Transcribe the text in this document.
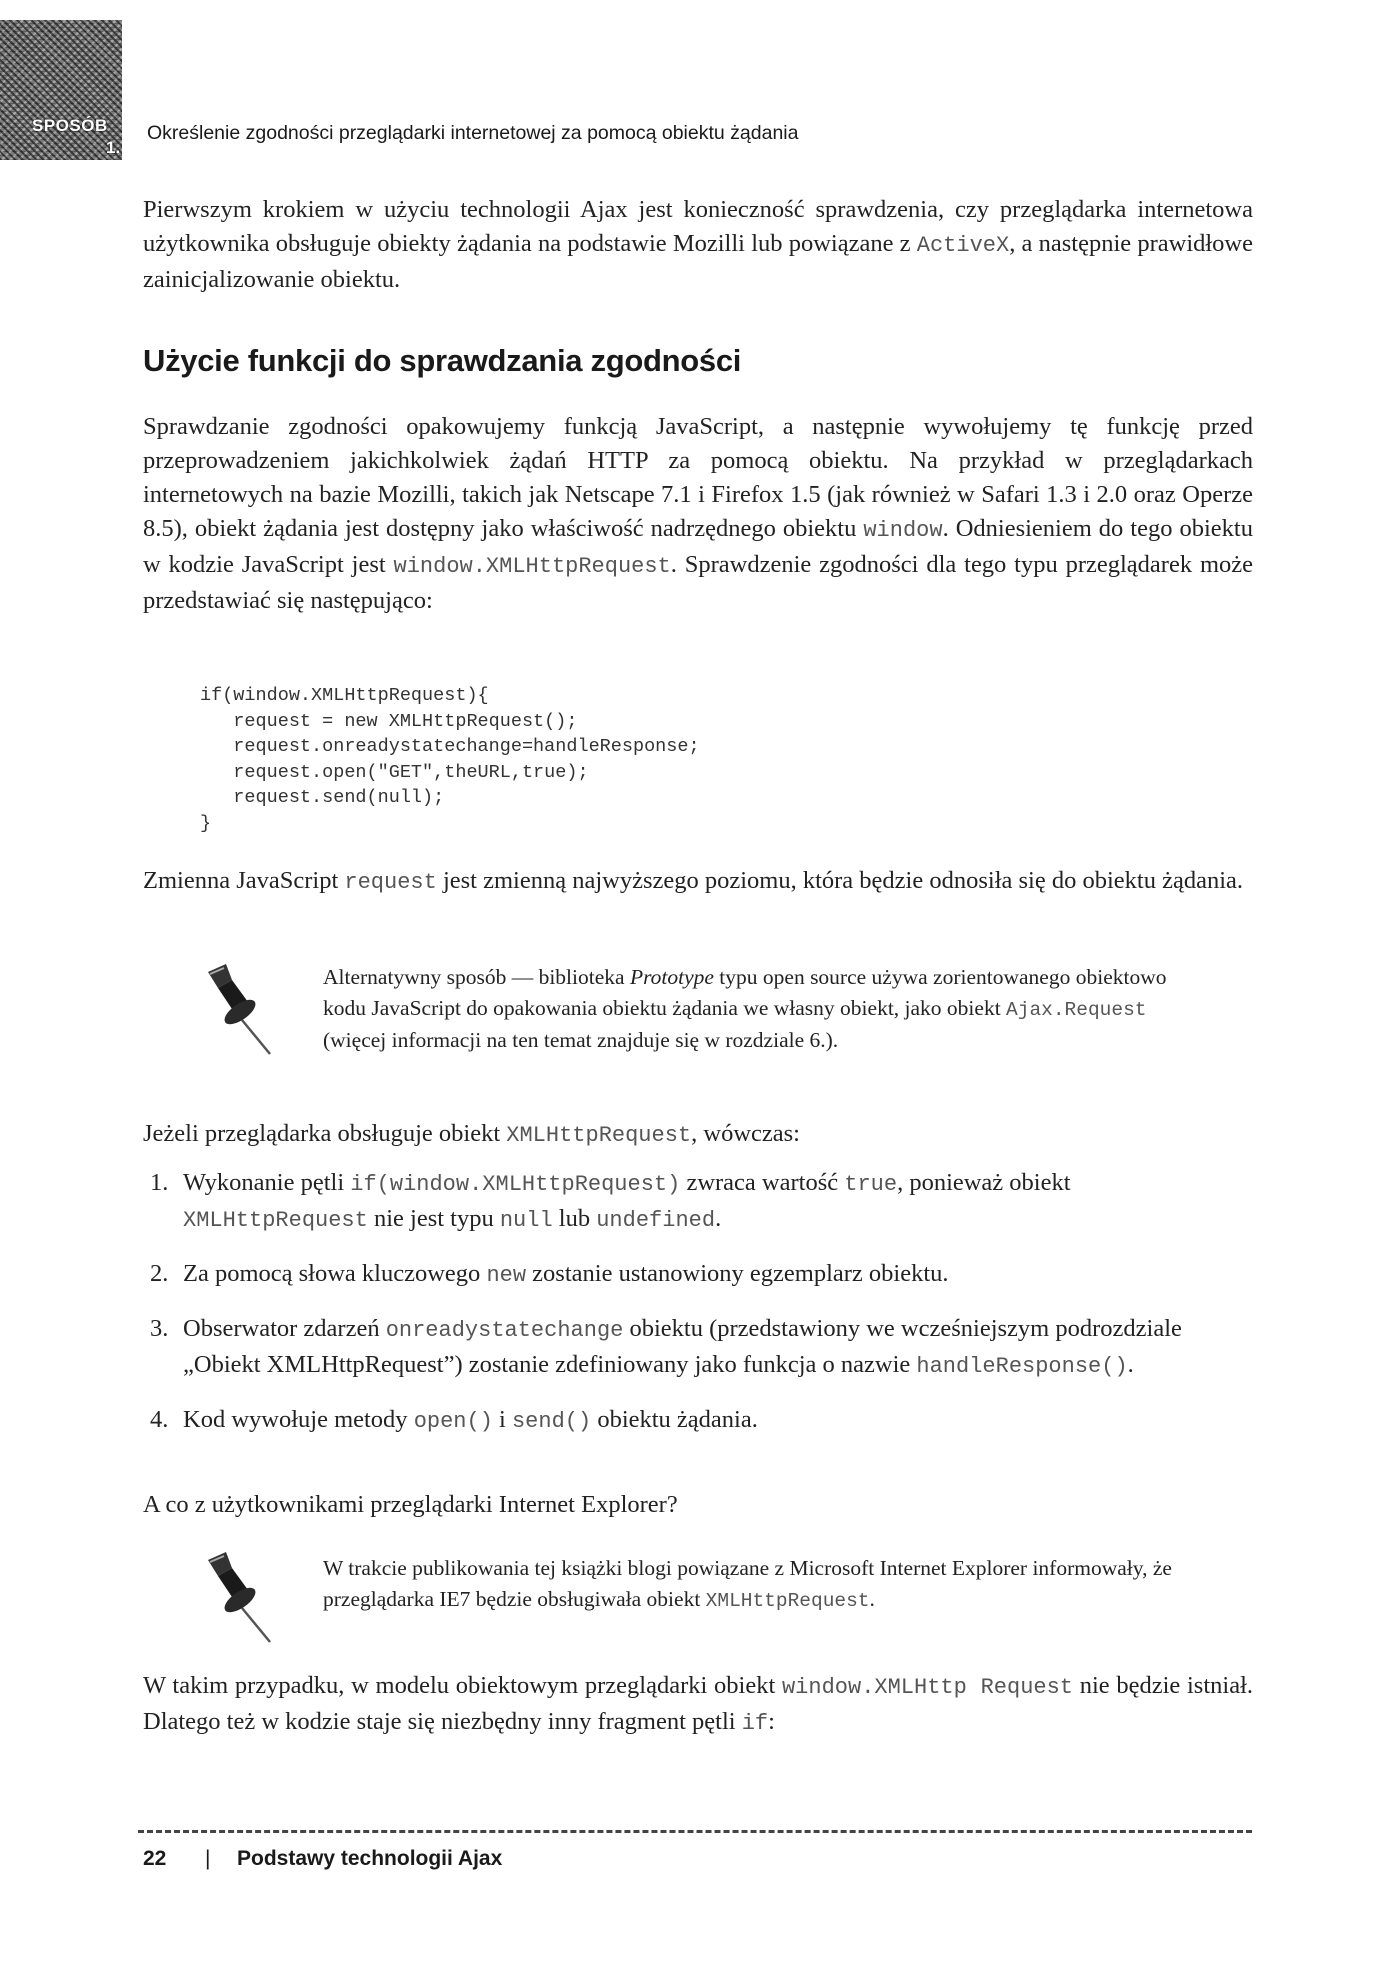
SPOSÓB
1.
Określenie zgodności przeglądarki internetowej za pomocą obiektu żądania

Pierwszym krokiem w użyciu technologii Ajax jest konieczność sprawdzenia, czy przeglądarka internetowa użytkownika obsługuje obiekty żądania na podstawie Mozilli lub powiązane z ActiveX, a następnie prawidłowe zainicjalizowanie obiektu.

Użycie funkcji do sprawdzania zgodności

Sprawdzanie zgodności opakowujemy funkcją JavaScript, a następnie wywołujemy tę funkcję przed przeprowadzeniem jakichkolwiek żądań HTTP za pomocą obiektu. Na przykład w przeglądarkach internetowych na bazie Mozilli, takich jak Netscape 7.1 i Firefox 1.5 (jak również w Safari 1.3 i 2.0 oraz Operze 8.5), obiekt żądania jest dostępny jako właściwość nadrzędnego obiektu window. Odniesieniem do tego obiektu w kodzie JavaScript jest window.XMLHttpRequest. Sprawdzenie zgodności dla tego typu przeglądarek może przedstawiać się następująco:

if(window.XMLHttpRequest){
request = new XMLHttpRequest();
request.onreadystatechange=handleResponse;
request.open("GET",theURL,true);
request.send(null);
}

Zmienna JavaScript request jest zmienną najwyższego poziomu, która będzie odnosiła się do obiektu żądania.

Alternatywny sposób — biblioteka Prototype typu open source używa zorientowanego obiektowo kodu JavaScript do opakowania obiektu żądania we własny obiekt, jako obiekt Ajax.Request (więcej informacji na ten temat znajduje się w rozdziale 6.).

Jeżeli przeglądarka obsługuje obiekt XMLHttpRequest, wówczas:

1. Wykonanie pętli if(window.XMLHttpRequest) zwraca wartość true, ponieważ obiekt XMLHttpRequest nie jest typu null lub undefined.
2. Za pomocą słowa kluczowego new zostanie ustanowiony egzemplarz obiektu.
3. Obserwator zdarzeń onreadystatechange obiektu (przedstawiony we wcześniejszym podrozdziale „Obiekt XMLHttpRequest”) zostanie zdefiniowany jako funkcja o nazwie handleResponse().
4. Kod wywołuje metody open() i send() obiektu żądania.

A co z użytkownikami przeglądarki Internet Explorer?

W trakcie publikowania tej książki blogi powiązane z Microsoft Internet Explorer informowały, że przeglądarka IE7 będzie obsługiwała obiekt XMLHttpRequest.

W takim przypadku, w modelu obiektowym przeglądarki obiekt window.XMLHttp Request nie będzie istniał. Dlatego też w kodzie staje się niezbędny inny fragment pętli if:

22 | Podstawy technologii Ajax
